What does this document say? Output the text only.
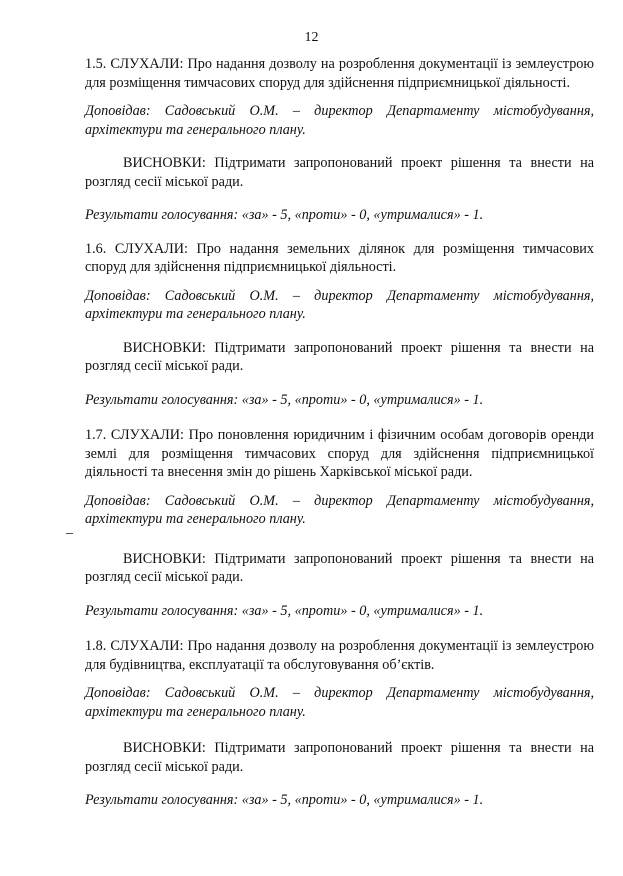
12

1.5. СЛУХАЛИ: Про надання дозволу на розроблення документації із землеустрою для розміщення тимчасових споруд для здійснення підприємницької діяльності.

Доповідав: Садовський О.М. – директор Департаменту містобудування, архітектури та генерального плану.

ВИСНОВКИ: Підтримати запропонований проект рішення та внести на розгляд сесії міської ради.

Результати голосування: «за» - 5, «проти» - 0, «утрималися» - 1.

1.6. СЛУХАЛИ: Про надання земельних ділянок для розміщення тимчасових споруд для здійснення підприємницької діяльності.

Доповідав: Садовський О.М. – директор Департаменту містобудування, архітектури та генерального плану.

ВИСНОВКИ: Підтримати запропонований проект рішення та внести на розгляд сесії міської ради.

Результати голосування: «за» - 5, «проти» - 0, «утрималися» - 1.

1.7. СЛУХАЛИ: Про поновлення юридичним і фізичним особам договорів оренди землі для розміщення тимчасових споруд для здійснення підприємницької діяльності та внесення змін до рішень Харківської міської ради.

Доповідав: Садовський О.М. – директор Департаменту містобудування, архітектури та генерального плану.

ВИСНОВКИ: Підтримати запропонований проект рішення та внести на розгляд сесії міської ради.

Результати голосування: «за» - 5, «проти» - 0, «утрималися» - 1.

1.8. СЛУХАЛИ: Про надання дозволу на розроблення документації із землеустрою для будівництва, експлуатації та обслуговування об’єктів.

Доповідав: Садовський О.М. – директор Департаменту містобудування, архітектури та генерального плану.

ВИСНОВКИ: Підтримати запропонований проект рішення та внести на розгляд сесії міської ради.

Результати голосування: «за» - 5, «проти» - 0, «утрималися» - 1.
